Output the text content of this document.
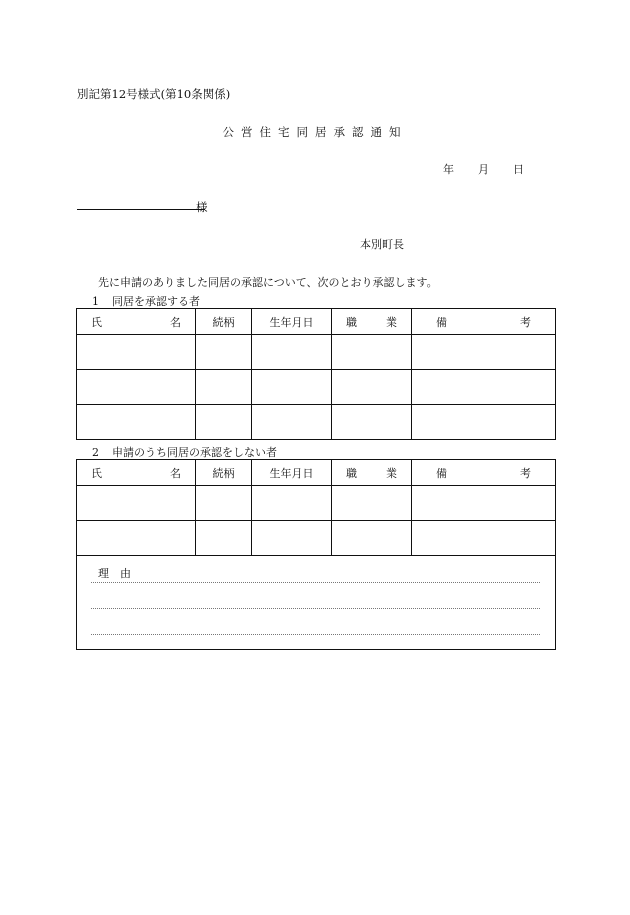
別記第12号様式(第10条関係)
公営住宅同居承認通知
年 月 日
様
本別町長
先に申請のありました同居の承認について、次のとおり承認します。
1 同居を承認する者
氏 名	続柄	生年月日	職 業	備 考

2 申請のうち同居の承認をしない者
氏 名	続柄	生年月日	職 業	備 考

理　由
